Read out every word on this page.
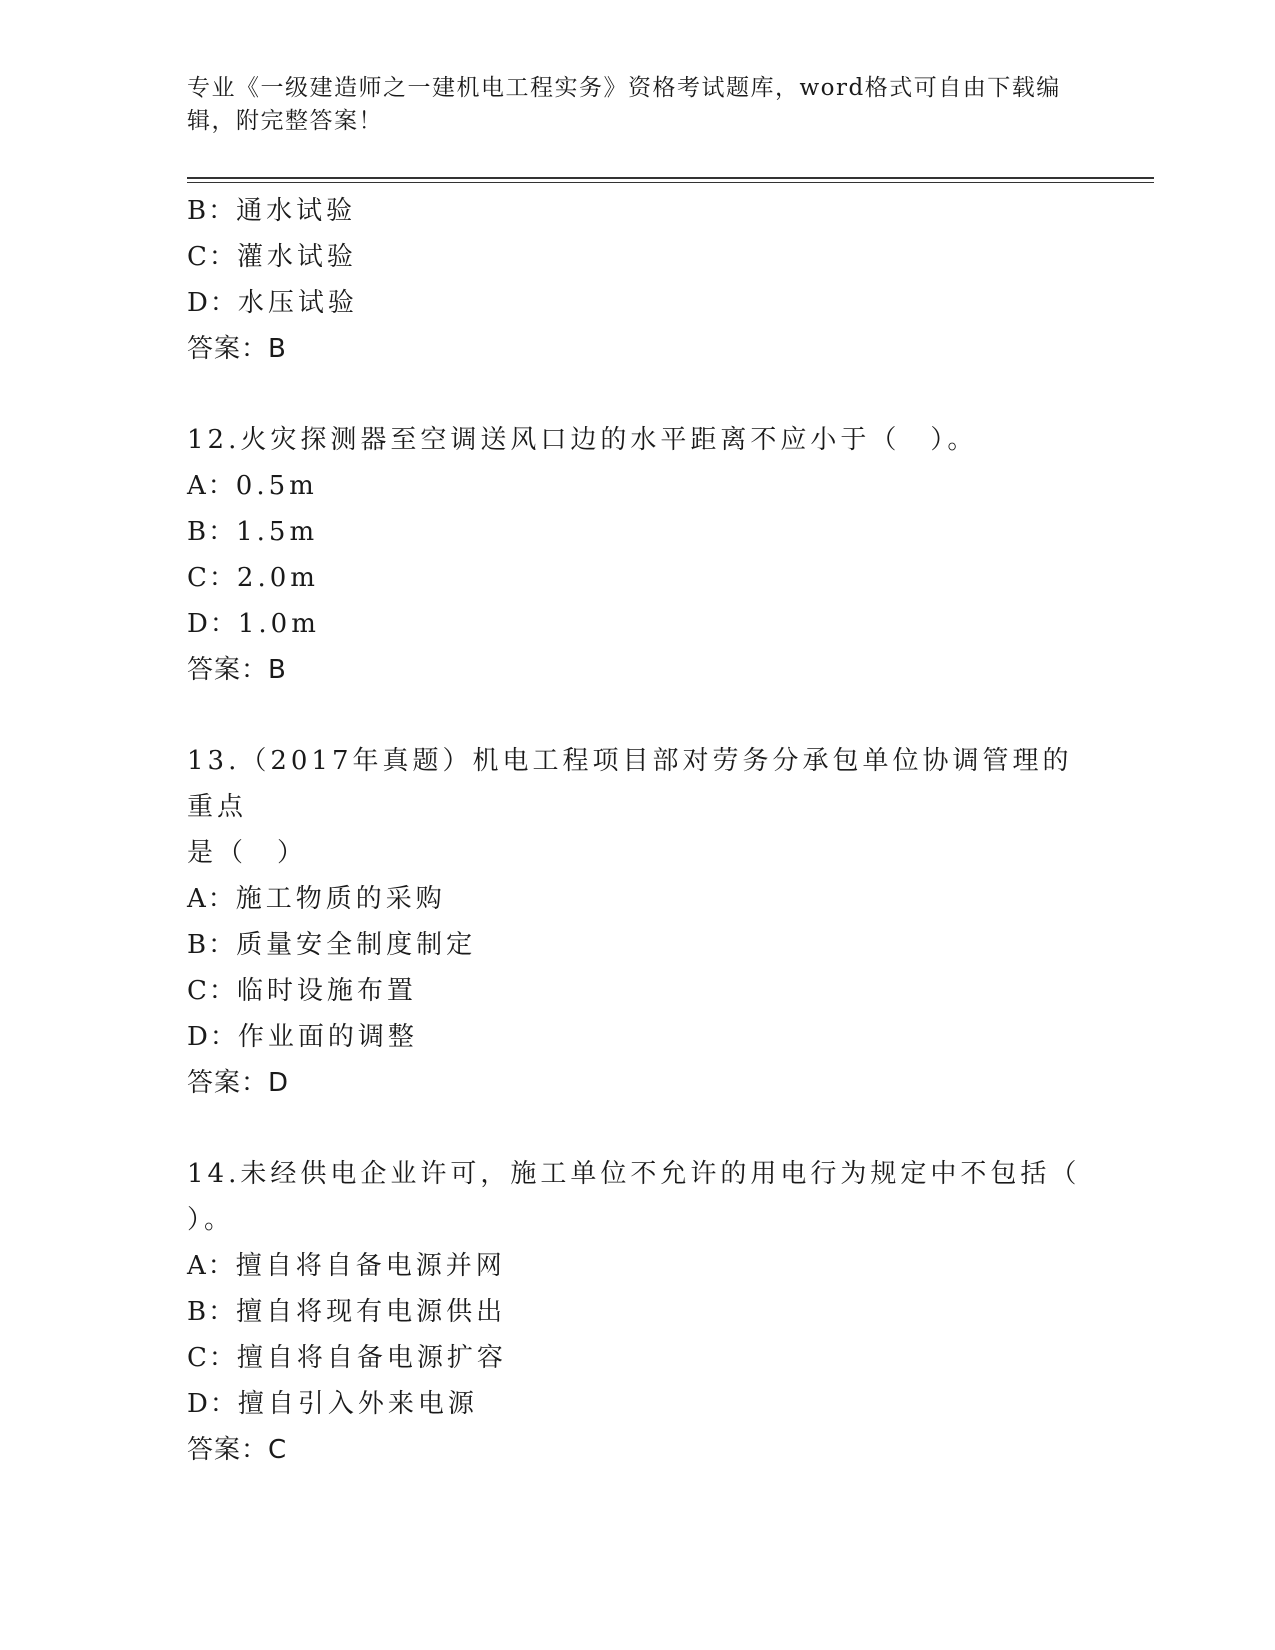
专业《一级建造师之一建机电工程实务》资格考试题库，word格式可自由下载编
辑，附完整答案！
B：通水试验
C：灌水试验
D：水压试验
答案：B
12.火灾探测器至空调送风口边的水平距离不应小于（　）。
A：0.5m
B：1.5m
C：2.0m
D：1.0m
答案：B
13.（2017年真题）机电工程项目部对劳务分承包单位协调管理的重点
是（　）
A：施工物质的采购
B：质量安全制度制定
C：临时设施布置
D：作业面的调整
答案：D
14.未经供电企业许可，施工单位不允许的用电行为规定中不包括（
）。
A：擅自将自备电源并网
B：擅自将现有电源供出
C：擅自将自备电源扩容
D：擅自引入外来电源
答案：C
